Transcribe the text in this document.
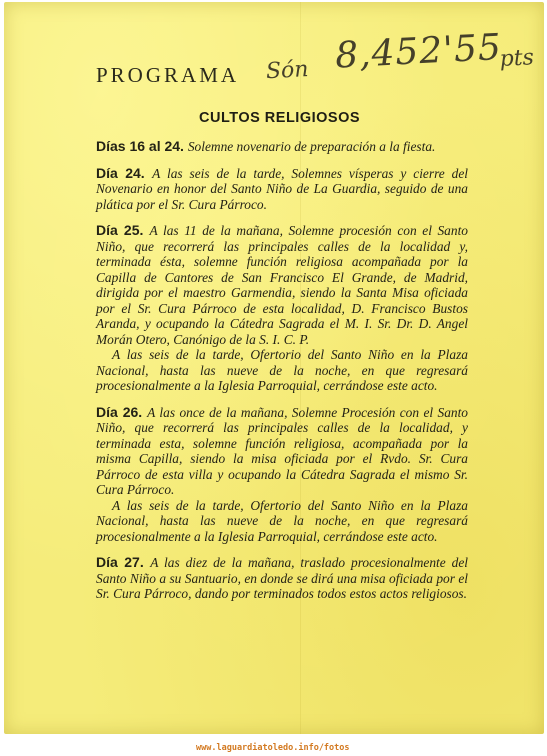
PROGRAMA Són 8,452'55
pts
CULTOS RELIGIOSOS
Días 16 al 24. Solemne novenario de preparación a la fiesta.
Día 24. A las seis de la tarde, Solemnes vísperas y cierre del Novenario en honor del Santo Niño de La Guardia, seguido de una plática por el Sr. Cura Párroco.
Día 25. A las 11 de la mañana, Solemne procesión con el Santo Niño, que recorrerá las principales calles de la localidad y, terminada ésta, solemne función religiosa acompañada por la Capilla de Cantores de San Francisco El Grande, de Madrid, dirigida por el maestro Garmendia, siendo la Santa Misa oficiada por el Sr. Cura Párroco de esta localidad, D. Francisco Bustos Aranda, y ocupando la Cátedra Sagrada el M. I. Sr. Dr. D. Angel Morán Otero, Canónigo de la S. I. C. P.

A las seis de la tarde, Ofertorio del Santo Niño en la Plaza Nacional, hasta las nueve de la noche, en que regresará procesionalmente a la Iglesia Parroquial, cerrándose este acto.

Día 26. A las once de la mañana, Solemne Procesión con el Santo Niño, que recorrerá las principales calles de la localidad, y terminada esta, solemne función religiosa, acompañada por la misma Capilla, siendo la misa oficiada por el Rvdo. Sr. Cura Párroco de esta villa y ocupando la Cátedra Sagrada el mismo Sr. Cura Párroco.

A las seis de la tarde, Ofertorio del Santo Niño en la Plaza Nacional, hasta las nueve de la noche, en que regresará procesionalmente a la Iglesia Parroquial, cerrándose este acto.

Día 27. A las diez de la mañana, traslado procesionalmente del Santo Niño a su Santuario, en donde se dirá una misa oficiada por el Sr. Cura Párroco, dando por terminados todos estos actos religiosos.
www.laguardiatoledo.info/fotos
